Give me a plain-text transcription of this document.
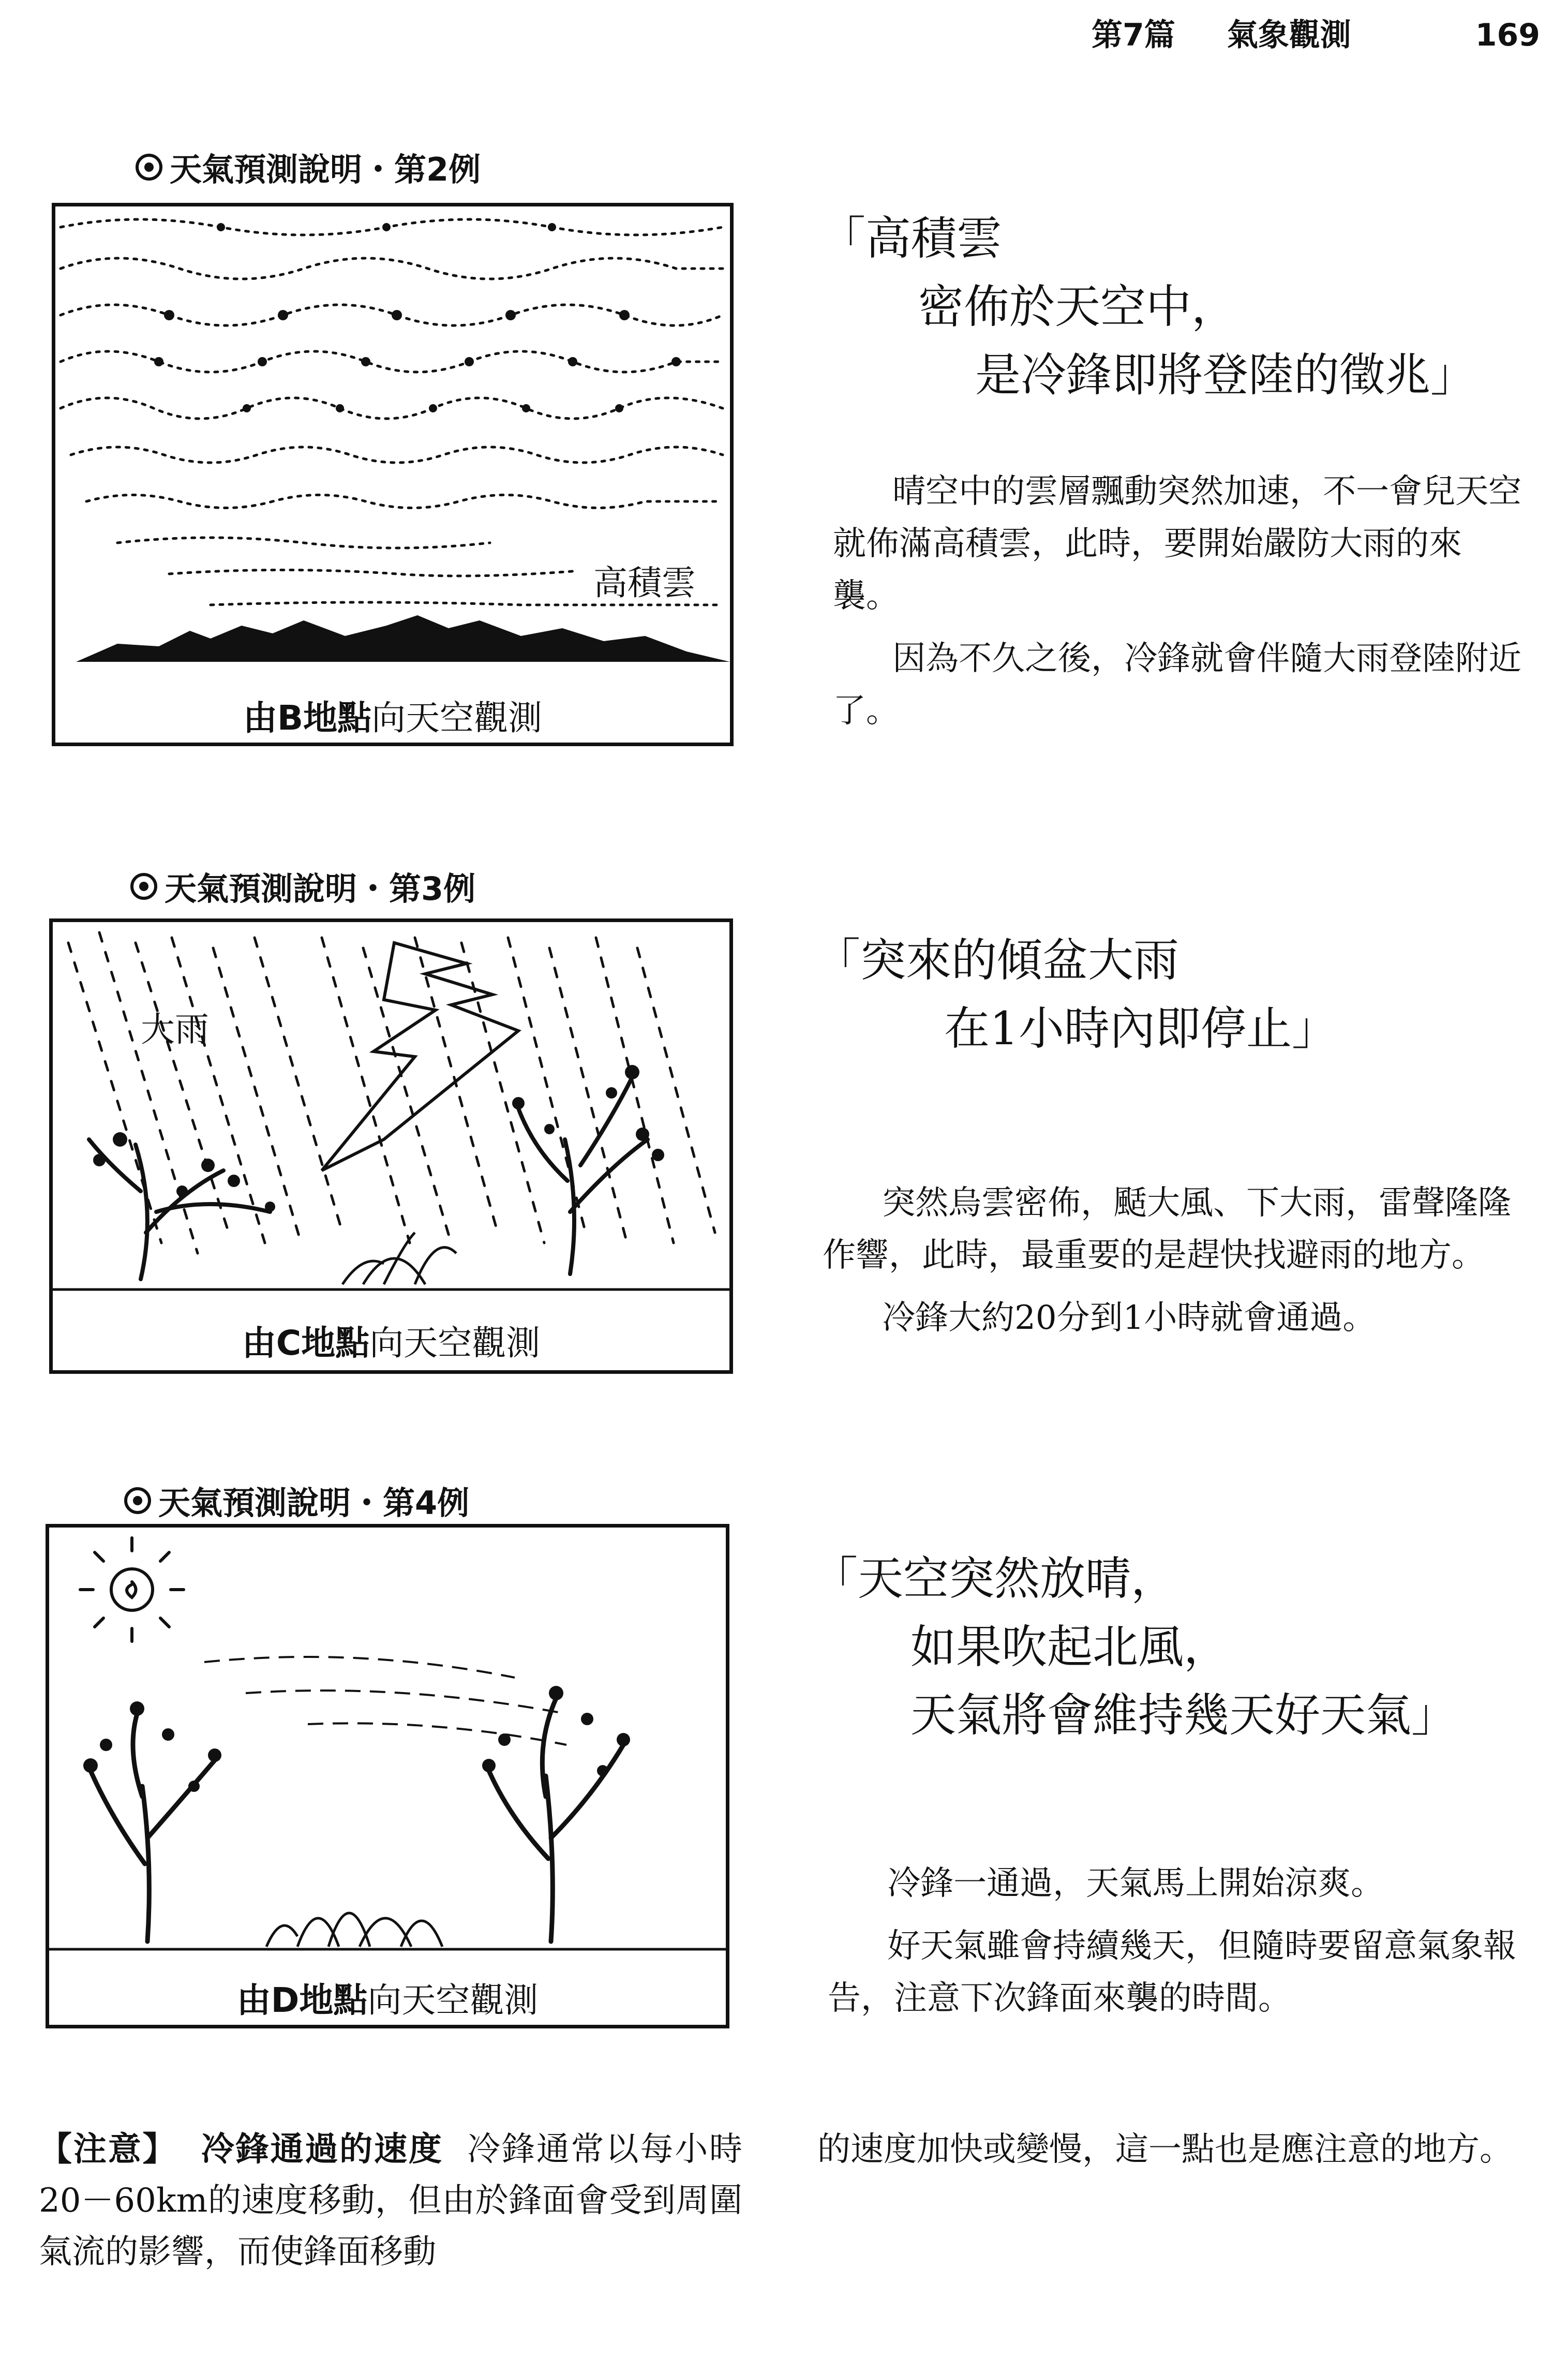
第7篇 氣象觀測	169
天氣預測說明・第2例
高積雲
由B地點向天空觀測
「高積雲
密佈於天空中，
是冷鋒即將登陸的徵兆」

晴空中的雲層飄動突然加速，不一會兒天空就佈滿高積雲，此時，要開始嚴防大雨的來襲。

因為不久之後，冷鋒就會伴隨大雨登陸附近了。

天氣預測說明・第3例
大雨
由C地點向天空觀測
「突來的傾盆大雨
在1小時內即停止」

突然烏雲密佈，颳大風、下大雨，雷聲隆隆作響，此時，最重要的是趕快找避雨的地方。

冷鋒大約20分到1小時就會通過。

天氣預測說明・第4例
由D地點向天空觀測
「天空突然放晴，
如果吹起北風，
天氣將會維持幾天好天氣」

冷鋒一通過，天氣馬上開始涼爽。

好天氣雖會持續幾天，但隨時要留意氣象報告，注意下次鋒面來襲的時間。

【注意】 冷鋒通過的速度 冷鋒通常以每小時20－60km的速度移動，但由於鋒面會受到周圍氣流的影響，而使鋒面移動
的速度加快或變慢，這一點也是應注意的地方。
